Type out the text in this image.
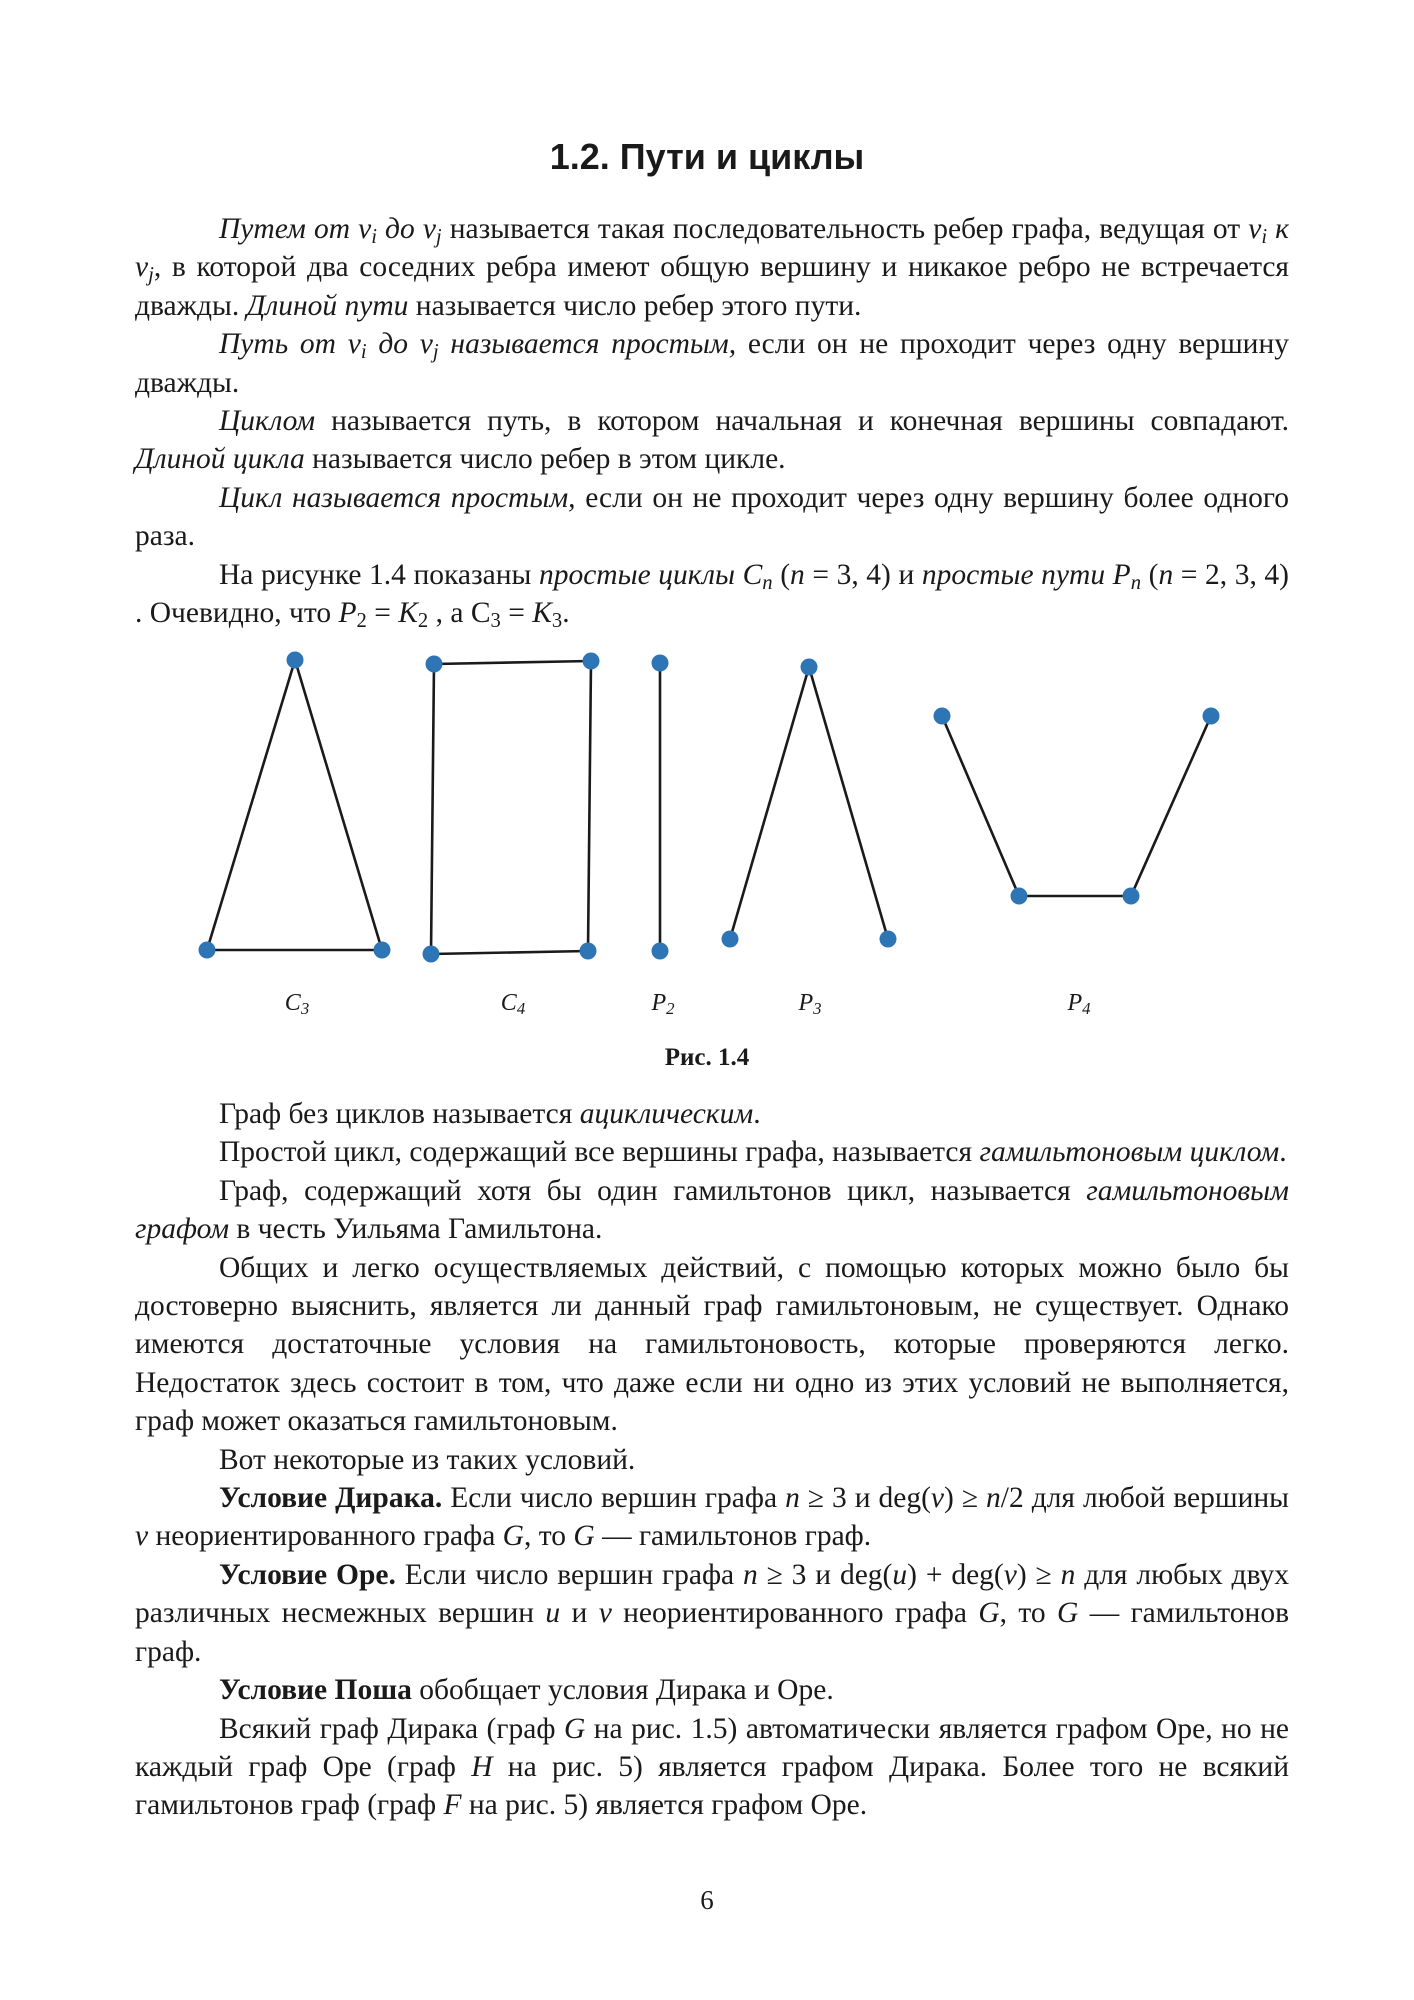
1.2. Пути и циклы

Путем от $v_i$ до $v_j$ называется такая последовательность ребер графа, ведущая от $v_i$ к $v_j$, в которой два соседних ребра имеют общую вершину и никакое ребро не встречается дважды. Длиной пути называется число ребер этого пути.

Путь от $v_i$ до $v_j$ называется простым, если он не проходит через одну вершину дважды.

Циклом называется путь, в котором начальная и конечная вершины совпадают. Длиной цикла называется число ребер в этом цикле.

Цикл называется простым, если он не проходит через одну вершину более одного раза.

На рисунке 1.4 показаны простые циклы $C_n$ (n = 3, 4) и простые пути $P_n$ (n = 2, 3, 4) . Очевидно, что $P_2 = K_2$ , а $C_3 = K_3$.

$C_3$	$C_4$	$P_2$	$P_3$	$P_4$

Рис. 1.4

Граф без циклов называется ациклическим.

Простой цикл, содержащий все вершины графа, называется гамильтоновым циклом.

Граф, содержащий хотя бы один гамильтонов цикл, называется гамильтоновым графом в честь Уильяма Гамильтона.

Общих и легко осуществляемых действий, с помощью которых можно было бы достоверно выяснить, является ли данный граф гамильтоновым, не существует. Однако имеются достаточные условия на гамильтоновость, которые проверяются легко. Недостаток здесь состоит в том, что даже если ни одно из этих условий не выполняется, граф может оказаться гамильтоновым.

Вот некоторые из таких условий.

Условие Дирака. Если число вершин графа n ≥ 3 и deg(v) ≥ n/2 для любой вершины v неориентированного графа G, то G — гамильтонов граф.

Условие Оре. Если число вершин графа n ≥ 3 и deg(u) + deg(v) ≥ n для любых двух различных несмежных вершин u и v неориентированного графа G, то G — гамильтонов граф.

Условие Поша обобщает условия Дирака и Оре.

Всякий граф Дирака (граф G на рис. 1.5) автоматически является графом Оре, но не каждый граф Оре (граф H на рис. 5) является графом Дирака. Более того не всякий гамильтонов граф (граф F на рис. 5) является графом Оре.

6
